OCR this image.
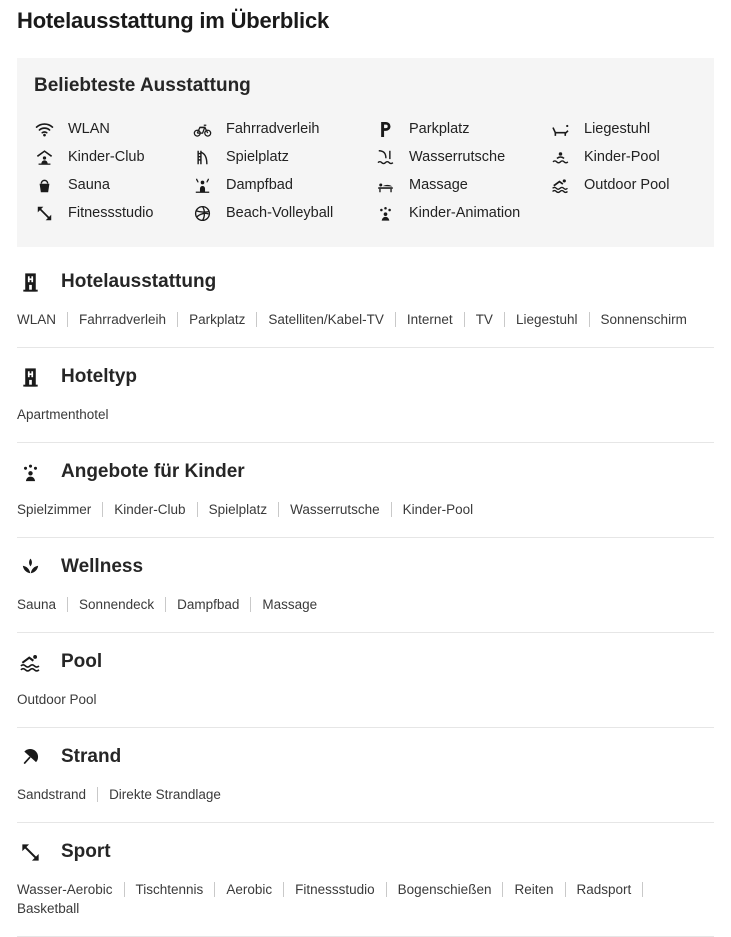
Hotelausstattung im Überblick
Beliebteste Ausstattung
WLAN
Kinder-Club
Sauna
Fitnessstudio
Fahrradverleih
Spielplatz
Dampfbad
Beach-Volleyball
Parkplatz
Wasserrutsche
Massage
Kinder-Animation
Liegestuhl
Kinder-Pool
Outdoor Pool
Hotelausstattung
WLAN Fahrradverleih Parkplatz Satelliten/Kabel-TV Internet TV Liegestuhl Sonnenschirm
Hoteltyp
Apartmenthotel
Angebote für Kinder
Spielzimmer Kinder-Club Spielplatz Wasserrutsche Kinder-Pool
Wellness
Sauna Sonnendeck Dampfbad Massage
Pool
Outdoor Pool
Strand
Sandstrand Direkte Strandlage
Sport
Wasser-Aerobic Tischtennis Aerobic Fitnessstudio Bogenschießen Reiten Radsport
Basketball
